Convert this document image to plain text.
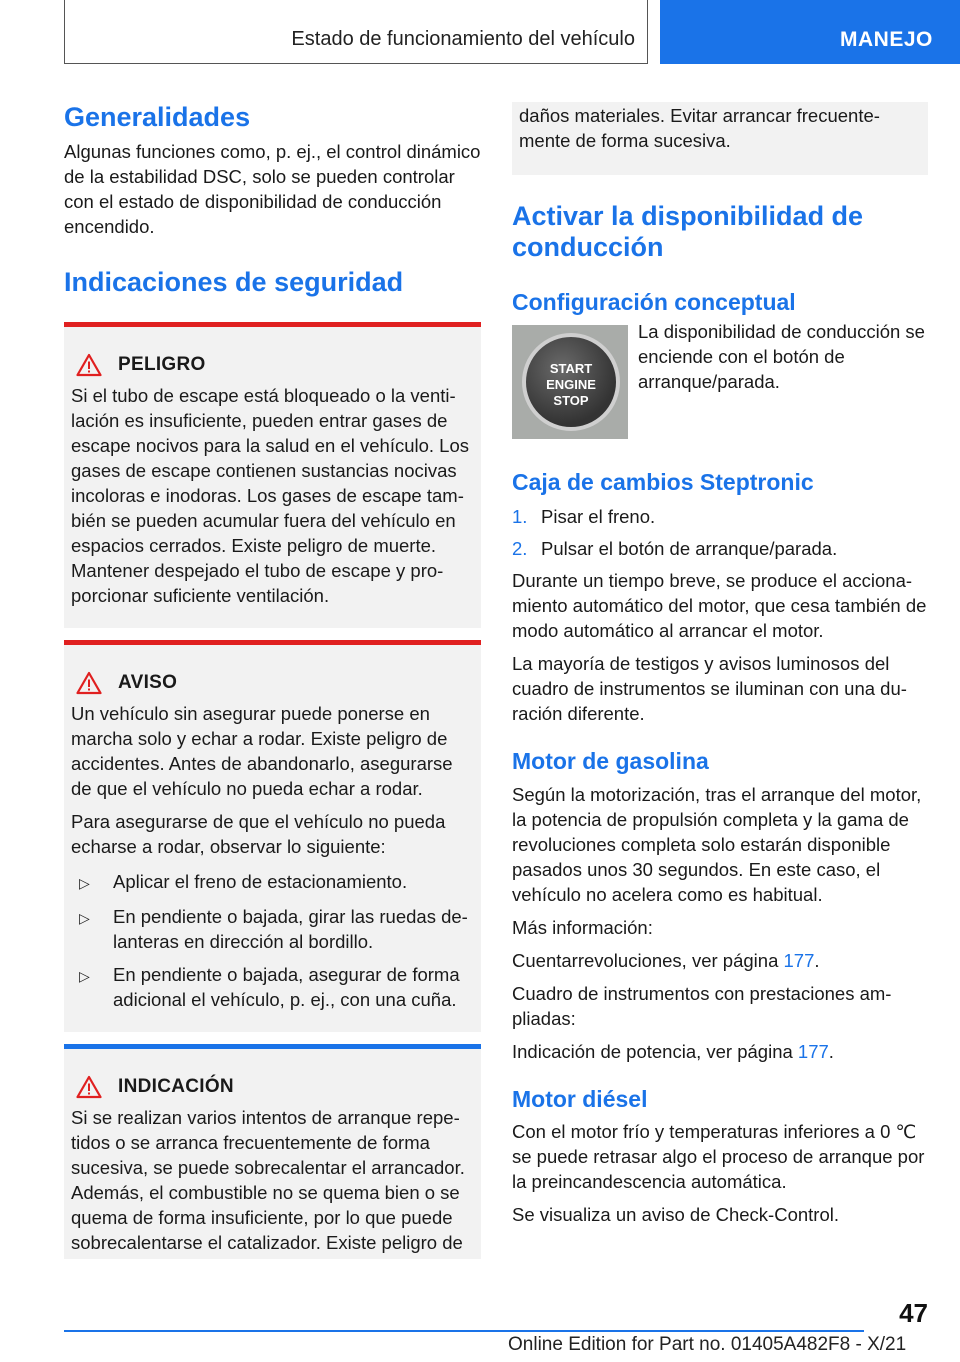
Estado de funcionamiento del vehículo	MANEJO
Generalidades

Algunas funciones como, p. ej., el control dinámico de la estabilidad DSC, solo se pueden controlar con el estado de disponibilidad de conducción encendido.

Indicaciones de seguridad
PELIGRO

Si el tubo de escape está bloqueado o la ventilación es insuficiente, pueden entrar gases de escape nocivos para la salud en el vehículo. Los gases de escape contienen sustancias nocivas incoloras e inodoras. Los gases de escape también se pueden acumular fuera del vehículo en espacios cerrados. Existe peligro de muerte. Mantener despejado el tubo de escape y proporcionar suficiente ventilación.

AVISO

Un vehículo sin asegurar puede ponerse en marcha solo y echar a rodar. Existe peligro de accidentes. Antes de abandonarlo, asegurarse de que el vehículo no pueda echar a rodar.

Para asegurarse de que el vehículo no pueda echarse a rodar, observar lo siguiente:

▷	Aplicar el freno de estacionamiento.
▷	En pendiente o bajada, girar las ruedas delanteras en dirección al bordillo.
▷	En pendiente o bajada, asegurar de forma adicional el vehículo, p. ej., con una cuña.
INDICACIÓN

Si se realizan varios intentos de arranque repetidos o se arranca frecuentemente de forma sucesiva, se puede sobrecalentar el arrancador. Además, el combustible no se quema bien o se quema de forma insuficiente, por lo que puede sobrecalentarse el catalizador. Existe peligro de

daños materiales. Evitar arrancar frecuentemente de forma sucesiva.

Activar la disponibilidad de conducción
Configuración conceptual
START
ENGINE
STOP

La disponibilidad de conducción se enciende con el botón de arranque/parada.

Caja de cambios Steptronic
1. Pisar el freno.
2. Pulsar el botón de arranque/parada.

Durante un tiempo breve, se produce el accionamiento automático del motor, que cesa también de modo automático al arrancar el motor.

La mayoría de testigos y avisos luminosos del cuadro de instrumentos se iluminan con una duración diferente.

Motor de gasolina

Según la motorización, tras el arranque del motor, la potencia de propulsión completa y la gama de revoluciones completa solo estarán disponible pasados unos 30 segundos. En este caso, el vehículo no acelera como es habitual.

Más información:

Cuentarrevoluciones, ver página 177.

Cuadro de instrumentos con prestaciones ampliadas:

Indicación de potencia, ver página 177.

Motor diésel

Con el motor frío y temperaturas inferiores a 0 ℃ se puede retrasar algo el proceso de arranque por la preincandescencia automática.

Se visualiza un aviso de Check-Control.

47
Online Edition for Part no. 01405A482F8 - X/21
